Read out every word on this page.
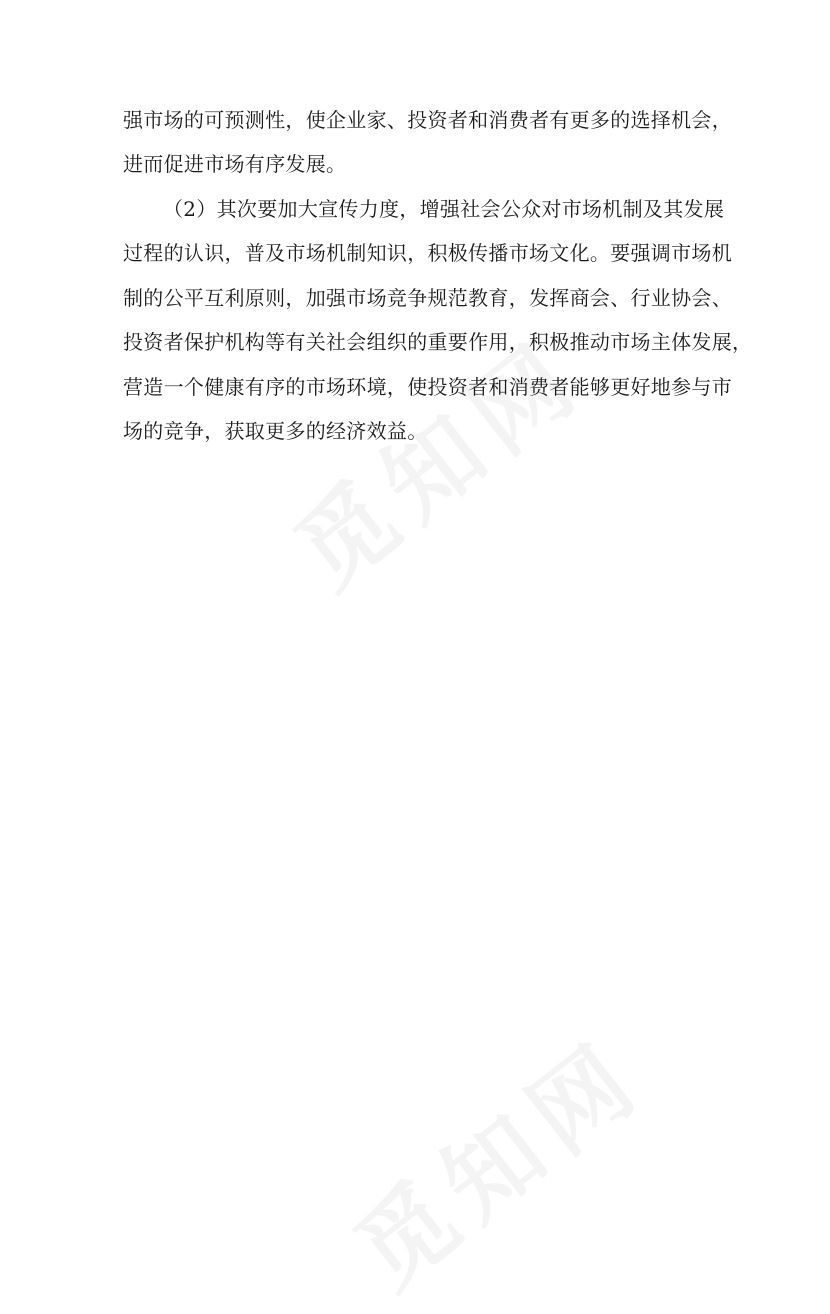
强市场的可预测性，使企业家、投资者和消费者有更多的选择机会，
进而促进市场有序发展。
（2）其次要加大宣传力度，增强社会公众对市场机制及其发展
过程的认识，普及市场机制知识，积极传播市场文化。要强调市场机
制的公平互利原则，加强市场竞争规范教育，发挥商会、行业协会、
投资者保护机构等有关社会组织的重要作用，积极推动市场主体发展，
营造一个健康有序的市场环境，使投资者和消费者能够更好地参与市
场的竞争，获取更多的经济效益。
